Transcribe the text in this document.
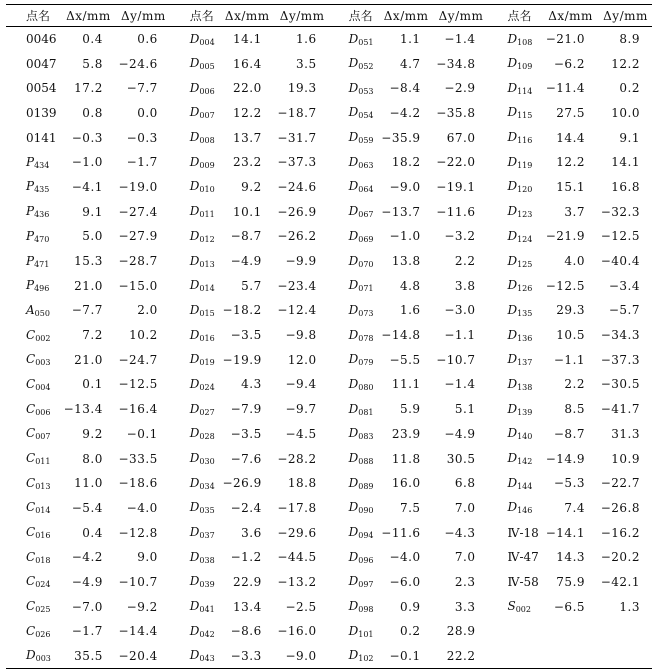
点名	Δx/mm	Δy/mm	点名	Δx/mm	Δy/mm	点名	Δx/mm	Δy/mm	点名	Δx/mm	Δy/mm
0046	0.4	0.6	$D_{004}$	14.1	1.6	$D_{051}$	1.1	−1.4	$D_{108}$	−21.0	8.9
0047	5.8	−24.6	$D_{005}$	16.4	3.5	$D_{052}$	4.7	−34.8	$D_{109}$	−6.2	12.2
0054	17.2	−7.7	$D_{006}$	22.0	19.3	$D_{053}$	−8.4	−2.9	$D_{114}$	−11.4	0.2
0139	0.8	0.0	$D_{007}$	12.2	−18.7	$D_{054}$	−4.2	−35.8	$D_{115}$	27.5	10.0
0141	−0.3	−0.3	$D_{008}$	13.7	−31.7	$D_{059}$	−35.9	67.0	$D_{116}$	14.4	9.1
$P_{434}$	−1.0	−1.7	$D_{009}$	23.2	−37.3	$D_{063}$	18.2	−22.0	$D_{119}$	12.2	14.1
$P_{435}$	−4.1	−19.0	$D_{010}$	9.2	−24.6	$D_{064}$	−9.0	−19.1	$D_{120}$	15.1	16.8
$P_{436}$	9.1	−27.4	$D_{011}$	10.1	−26.9	$D_{067}$	−13.7	−11.6	$D_{123}$	3.7	−32.3
$P_{470}$	5.0	−27.9	$D_{012}$	−8.7	−26.2	$D_{069}$	−1.0	−3.2	$D_{124}$	−21.9	−12.5
$P_{471}$	15.3	−28.7	$D_{013}$	−4.9	−9.9	$D_{070}$	13.8	2.2	$D_{125}$	4.0	−40.4
$P_{496}$	21.0	−15.0	$D_{014}$	5.7	−23.4	$D_{071}$	4.8	3.8	$D_{126}$	−12.5	−3.4
$A_{050}$	−7.7	2.0	$D_{015}$	−18.2	−12.4	$D_{073}$	1.6	−3.0	$D_{135}$	29.3	−5.7
$C_{002}$	7.2	10.2	$D_{016}$	−3.5	−9.8	$D_{078}$	−14.8	−1.1	$D_{136}$	10.5	−34.3
$C_{003}$	21.0	−24.7	$D_{019}$	−19.9	12.0	$D_{079}$	−5.5	−10.7	$D_{137}$	−1.1	−37.3
$C_{004}$	0.1	−12.5	$D_{024}$	4.3	−9.4	$D_{080}$	11.1	−1.4	$D_{138}$	2.2	−30.5
$C_{006}$	−13.4	−16.4	$D_{027}$	−7.9	−9.7	$D_{081}$	5.9	5.1	$D_{139}$	8.5	−41.7
$C_{007}$	9.2	−0.1	$D_{028}$	−3.5	−4.5	$D_{083}$	23.9	−4.9	$D_{140}$	−8.7	31.3
$C_{011}$	8.0	−33.5	$D_{030}$	−7.6	−28.2	$D_{088}$	11.8	30.5	$D_{142}$	−14.9	10.9
$C_{013}$	11.0	−18.6	$D_{034}$	−26.9	18.8	$D_{089}$	16.0	6.8	$D_{144}$	−5.3	−22.7
$C_{014}$	−5.4	−4.0	$D_{035}$	−2.4	−17.8	$D_{090}$	7.5	7.0	$D_{146}$	7.4	−26.8
$C_{016}$	0.4	−12.8	$D_{037}$	3.6	−29.6	$D_{094}$	−11.6	−4.3	Ⅳ-18	−14.1	−16.2
$C_{018}$	−4.2	9.0	$D_{038}$	−1.2	−44.5	$D_{096}$	−4.0	7.0	Ⅳ-47	14.3	−20.2
$C_{024}$	−4.9	−10.7	$D_{039}$	22.9	−13.2	$D_{097}$	−6.0	2.3	Ⅳ-58	75.9	−42.1
$C_{025}$	−7.0	−9.2	$D_{041}$	13.4	−2.5	$D_{098}$	0.9	3.3	$S_{002}$	−6.5	1.3
$C_{026}$	−1.7	−14.4	$D_{042}$	−8.6	−16.0	$D_{101}$	0.2	28.9			
$D_{003}$	35.5	−20.4	$D_{043}$	−3.3	−9.0	$D_{102}$	−0.1	22.2			
